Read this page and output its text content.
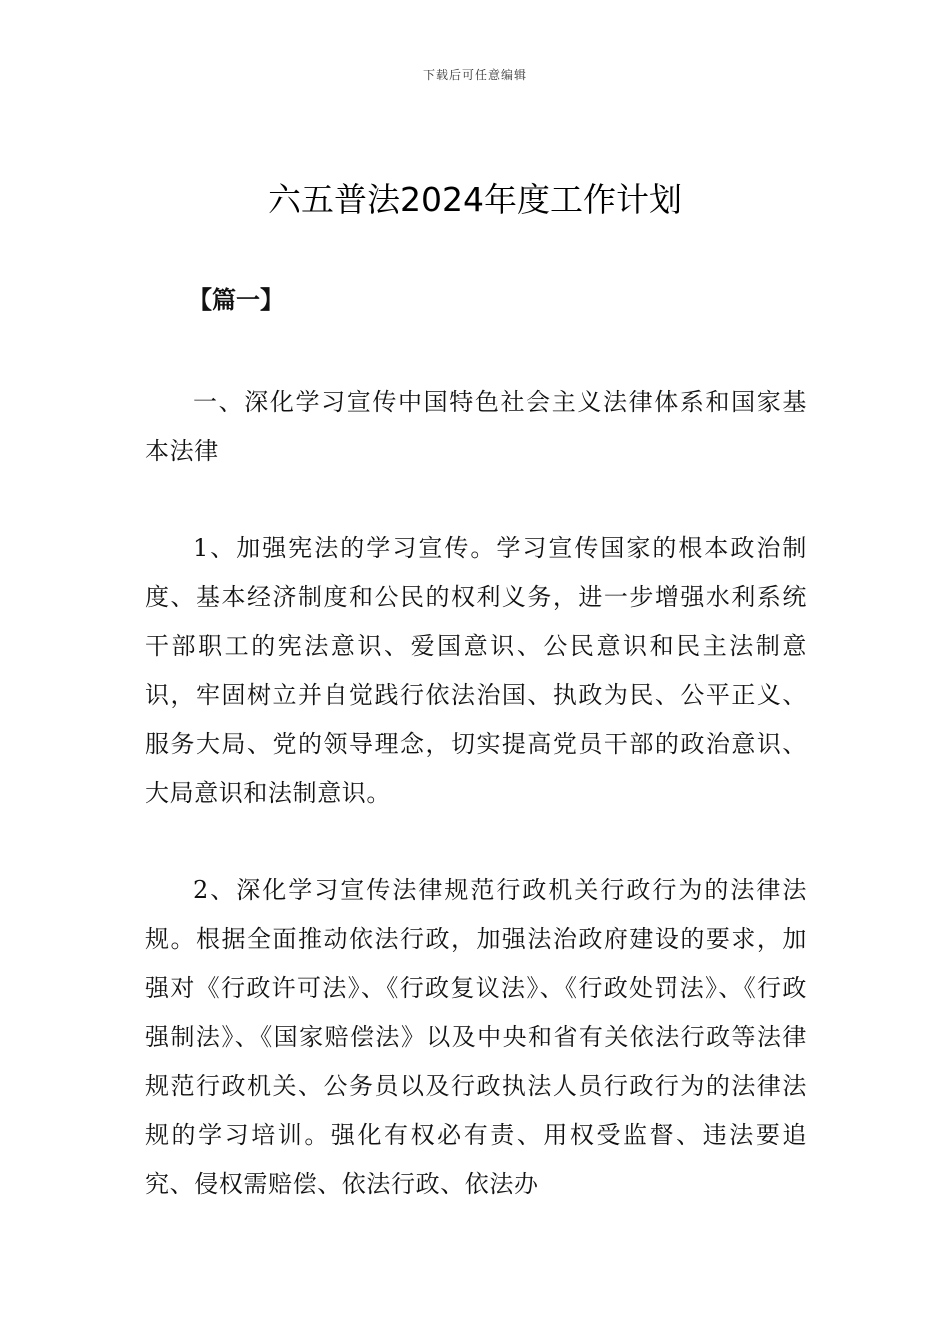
下载后可任意编辑
六五普法2024年度工作计划
【篇一】

一、深化学习宣传中国特色社会主义法律体系和国家基本法律

1、加强宪法的学习宣传。学习宣传国家的根本政治制度、基本经济制度和公民的权利义务，进一步增强水利系统干部职工的宪法意识、爱国意识、公民意识和民主法制意识，牢固树立并自觉践行依法治国、执政为民、公平正义、服务大局、党的领导理念，切实提高党员干部的政治意识、大局意识和法制意识。

2、深化学习宣传法律规范行政机关行政行为的法律法规。根据全面推动依法行政，加强法治政府建设的要求，加强对《行政许可法》、《行政复议法》、《行政处罚法》、《行政强制法》、《国家赔偿法》以及中央和省有关依法行政等法律规范行政机关、公务员以及行政执法人员行政行为的法律法规的学习培训。强化有权必有责、用权受监督、违法要追究、侵权需赔偿、依法行政、依法办
